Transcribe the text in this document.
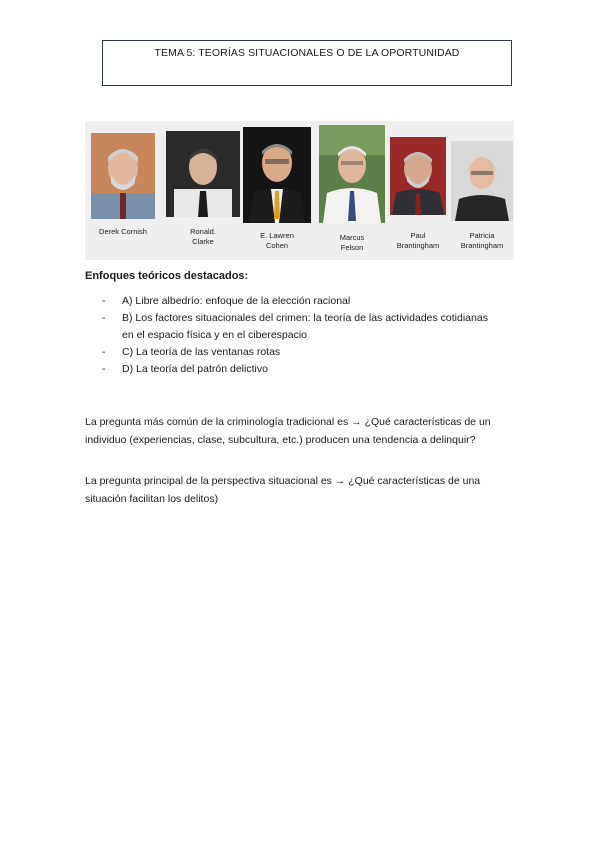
TEMA 5: TEORÍAS SITUACIONALES O DE LA OPORTUNIDAD
Derek Cornish	Ronald.
Clarke
E. Lawren
Cohen
Marcus
Felson
Paul
Brantingham
Patricia
Brantingham
Enfoques teóricos destacados:
- A) Libre albedrío: enfoque de la elección racional
- B) Los factores situacionales del crimen: la teoría de las actividades cotidianas en el espacio física y en el ciberespacio
- C) La teoría de las ventanas rotas
- D) La teoría del patrón delictivo
La pregunta más común de la criminología tradicional es → ¿Qué características de un individuo (experiencias, clase, subcultura, etc.) producen una tendencia a delinquir?
La pregunta principal de la perspectiva situacional es → ¿Qué características de una situación facilitan los delitos)
